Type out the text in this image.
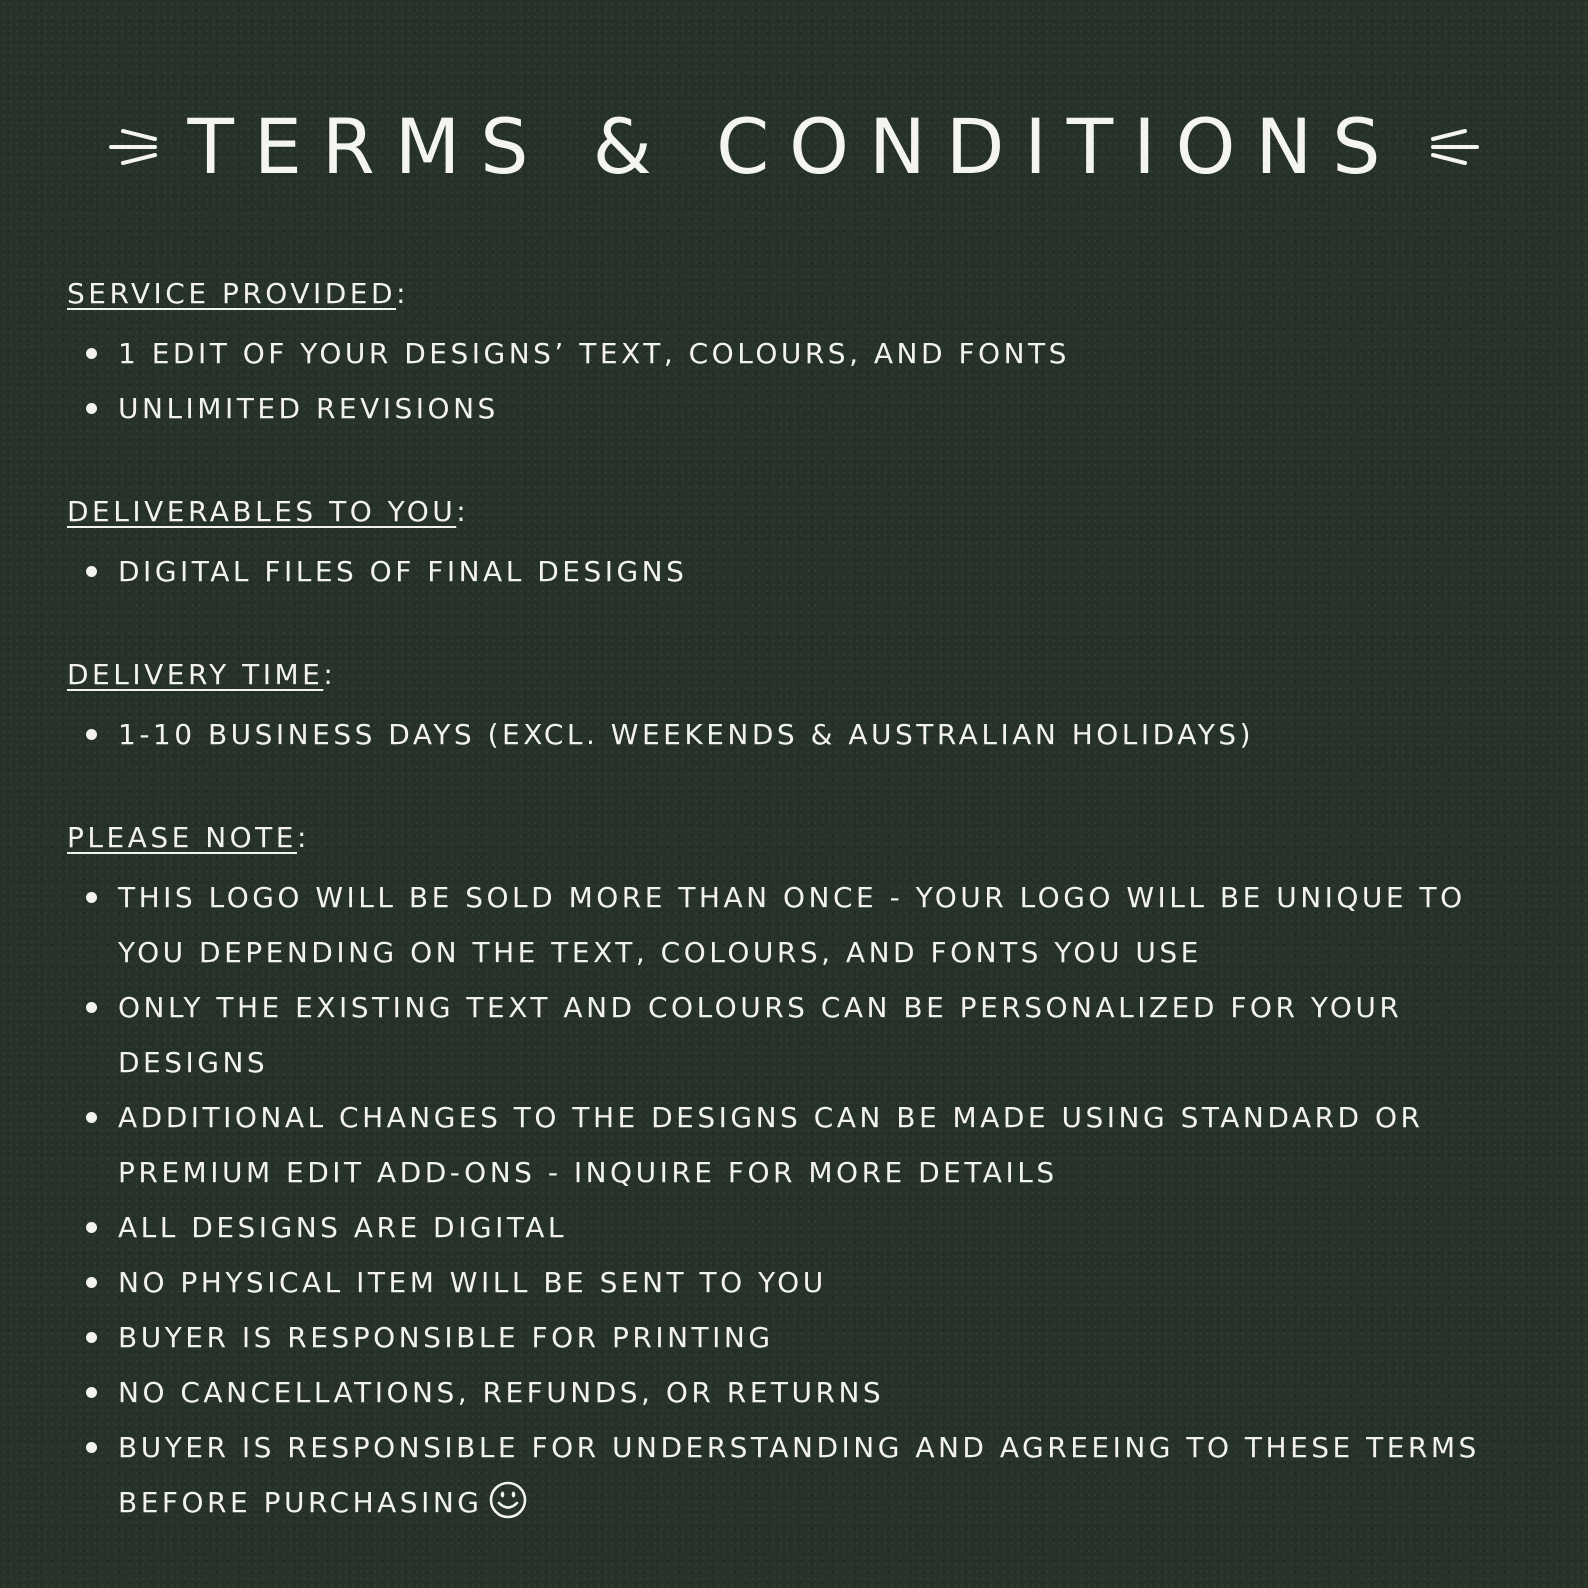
TERMS & CONDITIONS
SERVICE PROVIDED:
1 EDIT OF YOUR DESIGNS’ TEXT, COLOURS, AND FONTS
UNLIMITED REVISIONS
DELIVERABLES TO YOU:
DIGITAL FILES OF FINAL DESIGNS
DELIVERY TIME:
1-10 BUSINESS DAYS (EXCL. WEEKENDS & AUSTRALIAN HOLIDAYS)
PLEASE NOTE:
THIS LOGO WILL BE SOLD MORE THAN ONCE - YOUR LOGO WILL BE UNIQUE TO YOU DEPENDING ON THE TEXT, COLOURS, AND FONTS YOU USE
ONLY THE EXISTING TEXT AND COLOURS CAN BE PERSONALIZED FOR YOUR DESIGNS
ADDITIONAL CHANGES TO THE DESIGNS CAN BE MADE USING STANDARD OR PREMIUM EDIT ADD-ONS - INQUIRE FOR MORE DETAILS
ALL DESIGNS ARE DIGITAL
NO PHYSICAL ITEM WILL BE SENT TO YOU
BUYER IS RESPONSIBLE FOR PRINTING
NO CANCELLATIONS, REFUNDS, OR RETURNS
BUYER IS RESPONSIBLE FOR UNDERSTANDING AND AGREEING TO THESE TERMS BEFORE PURCHASING
